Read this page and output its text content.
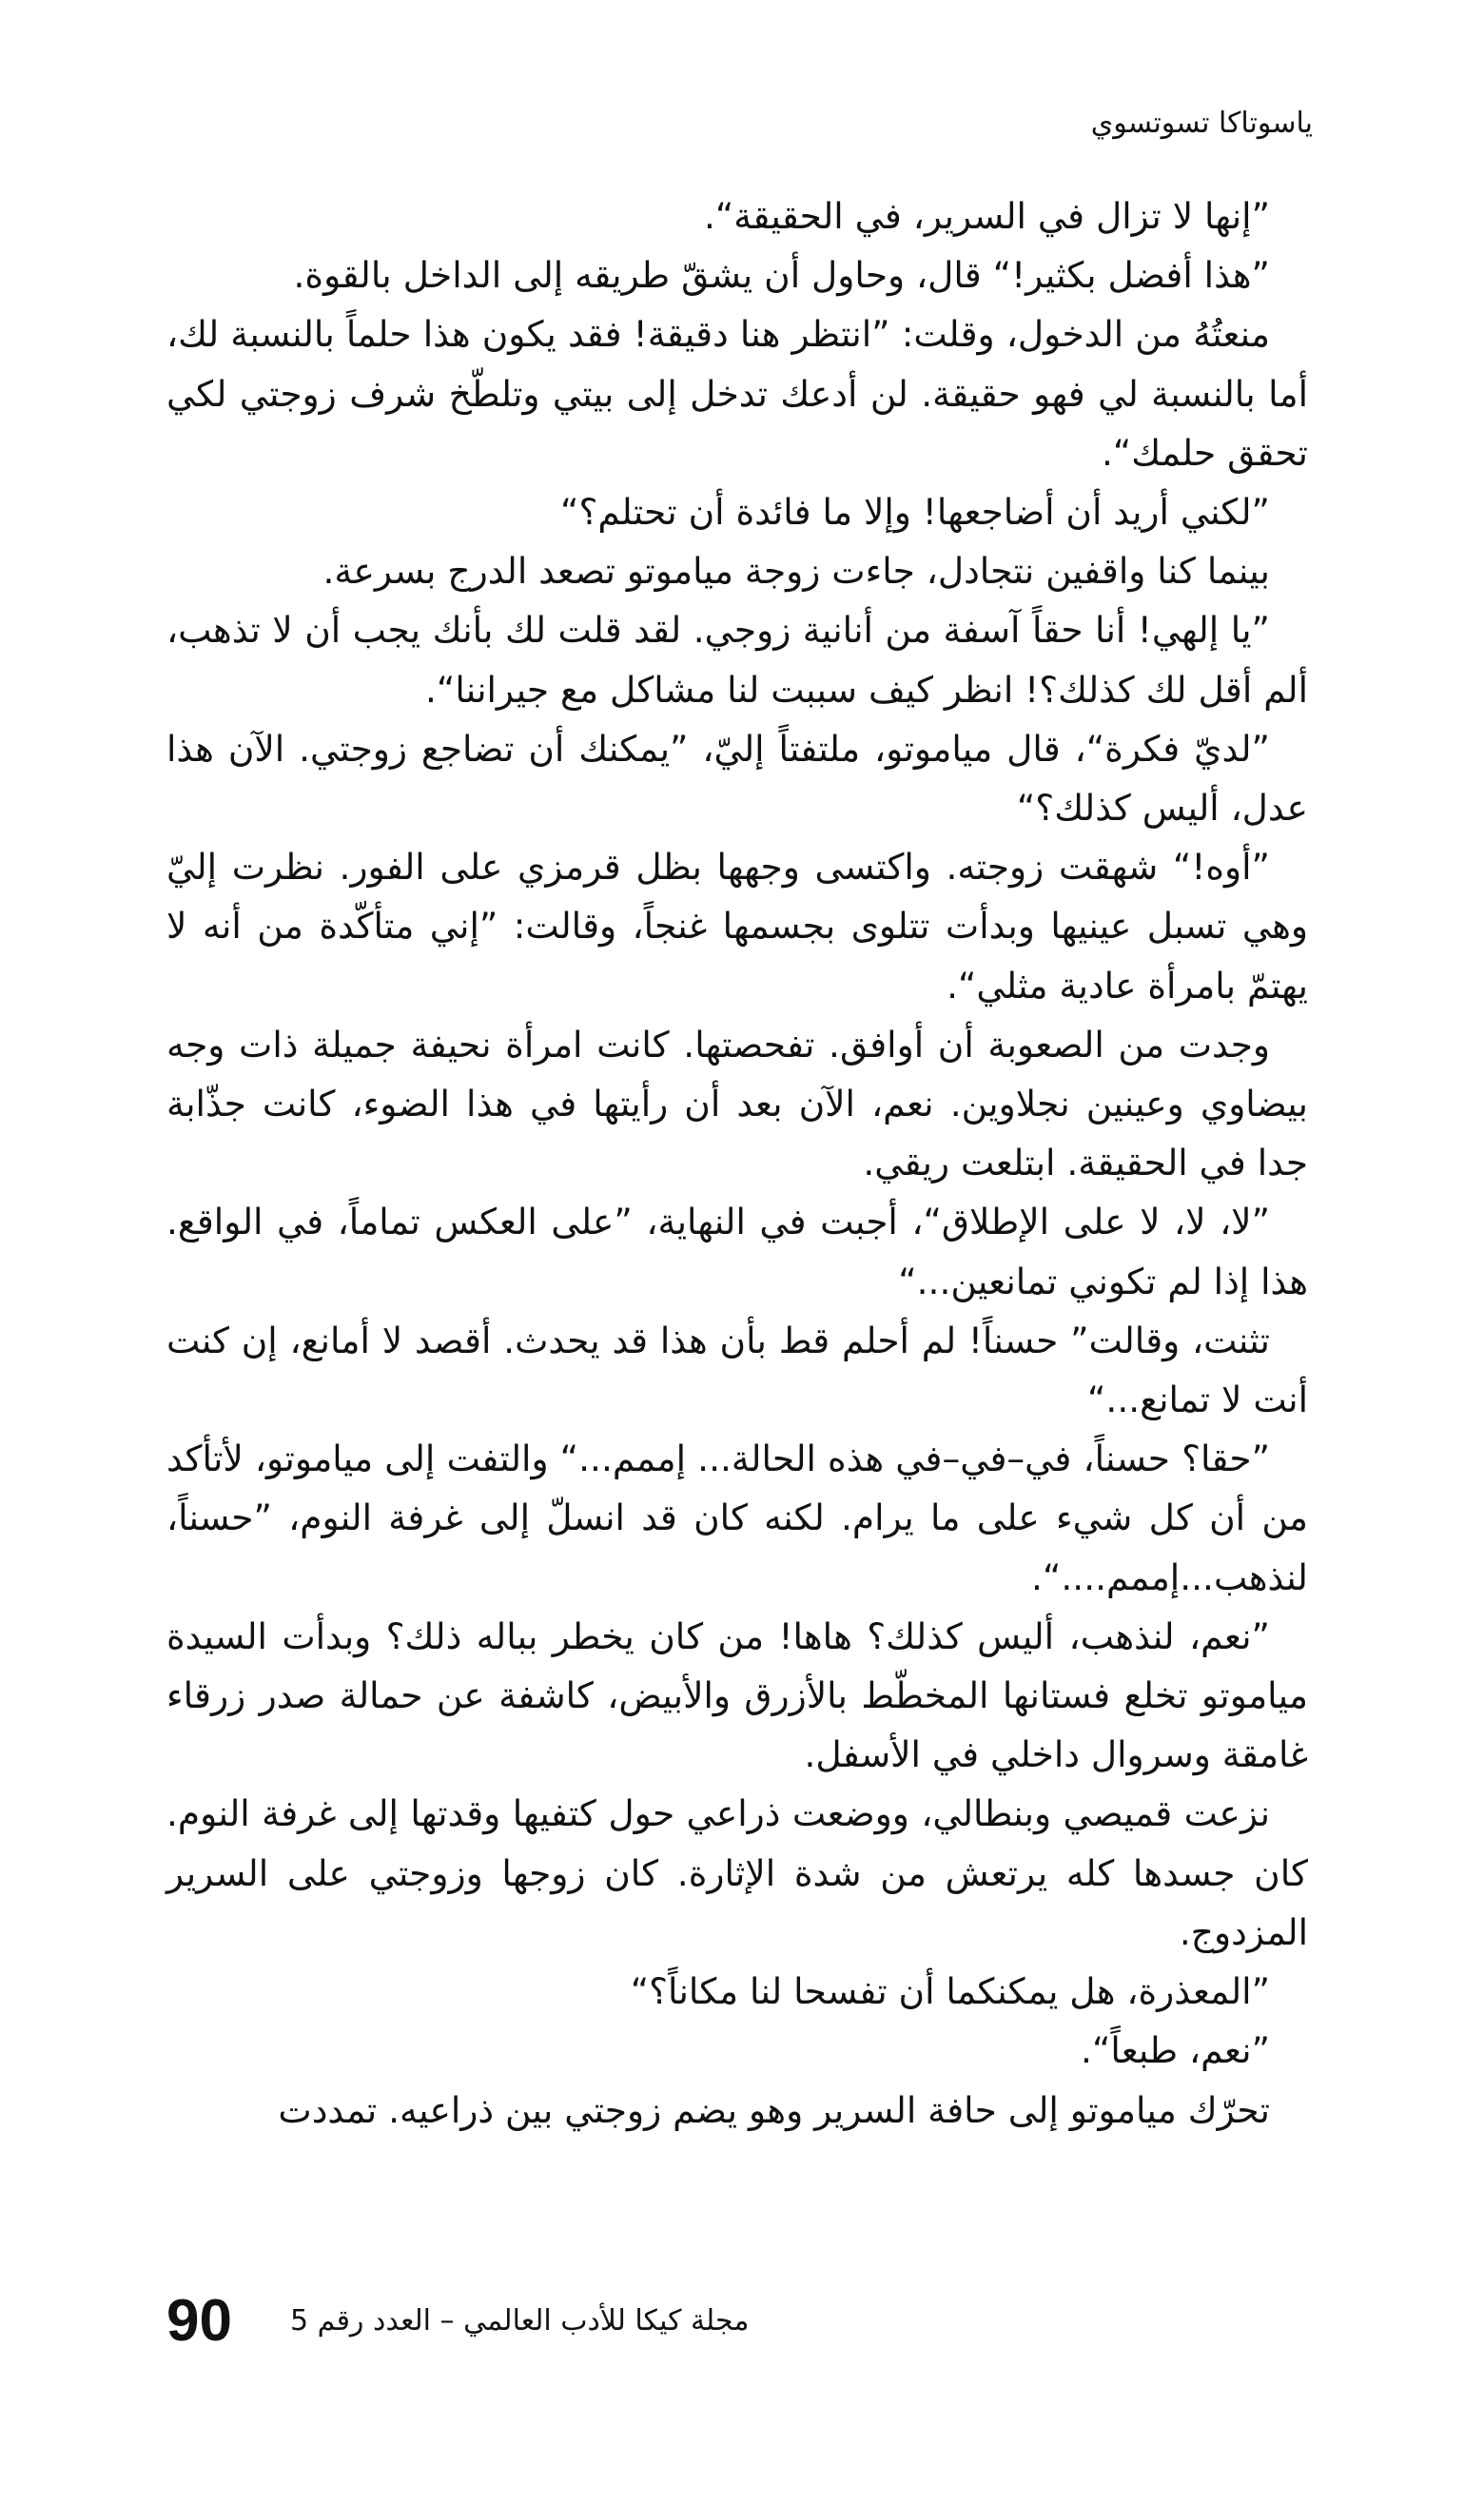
ياسوتاكا تسوتسوي

”إنها لا تزال في السرير، في الحقيقة“.

”هذا أفضل بكثير!“ قال، وحاول أن يشقّ طريقه إلى الداخل بالقوة.

منعتُهُ من الدخول، وقلت: ”انتظر هنا دقيقة! فقد يكون هذا حلماً بالنسبة لك، أما بالنسبة لي فهو حقيقة. لن أدعك تدخل إلى بيتي وتلطّخ شرف زوجتي لكي تحقق حلمك“.

”لكني أريد أن أضاجعها! وإلا ما فائدة أن تحتلم؟“

بينما كنا واقفين نتجادل، جاءت زوجة مياموتو تصعد الدرج بسرعة.

”يا إلهي! أنا حقاً آسفة من أنانية زوجي. لقد قلت لك بأنك يجب أن لا تذهب، ألم أقل لك كذلك؟! انظر كيف سببت لنا مشاكل مع جيراننا“.

”لديّ فكرة“، قال مياموتو، ملتفتاً إليّ، ”يمكنك أن تضاجع زوجتي. الآن هذا عدل، أليس كذلك؟“

”أوه!“ شهقت زوجته. واكتسى وجهها بظل قرمزي على الفور. نظرت إليّ وهي تسبل عينيها وبدأت تتلوى بجسمها غنجاً، وقالت: ”إني متأكّدة من أنه لا يهتمّ بامرأة عادية مثلي“.

وجدت من الصعوبة أن أوافق. تفحصتها. كانت امرأة نحيفة جميلة ذات وجه بيضاوي وعينين نجلاوين. نعم، الآن بعد أن رأيتها في هذا الضوء، كانت جذّابة جدا في الحقيقة. ابتلعت ريقي.

”لا، لا، لا على الإطلاق“، أجبت في النهاية، ”على العكس تماماً، في الواقع. هذا إذا لم تكوني تمانعين...“

تثنت، وقالت” حسناً! لم أحلم قط بأن هذا قد يحدث. أقصد لا أمانع، إن كنت أنت لا تمانع...“

”حقا؟ حسناً، في–في–في هذه الحالة... إممم...“ والتفت إلى مياموتو، لأتأكد من أن كل شيء على ما يرام. لكنه كان قد انسلّ إلى غرفة النوم، ”حسناً، لنذهب...إممم....“.

”نعم، لنذهب، أليس كذلك؟ هاها! من كان يخطر بباله ذلك؟ وبدأت السيدة مياموتو تخلع فستانها المخطّط بالأزرق والأبيض، كاشفة عن حمالة صدر زرقاء غامقة وسروال داخلي في الأسفل.

نزعت قميصي وبنطالي، ووضعت ذراعي حول كتفيها وقدتها إلى غرفة النوم. كان جسدها كله يرتعش من شدة الإثارة. كان زوجها وزوجتي على السرير المزدوج.

”المعذرة، هل يمكنكما أن تفسحا لنا مكاناً؟“

”نعم، طبعاً“.

تحرّك مياموتو إلى حافة السرير وهو يضم زوجتي بين ذراعيه. تمددت

90 مجلة كيكا للأدب العالمي – العدد رقم 5
